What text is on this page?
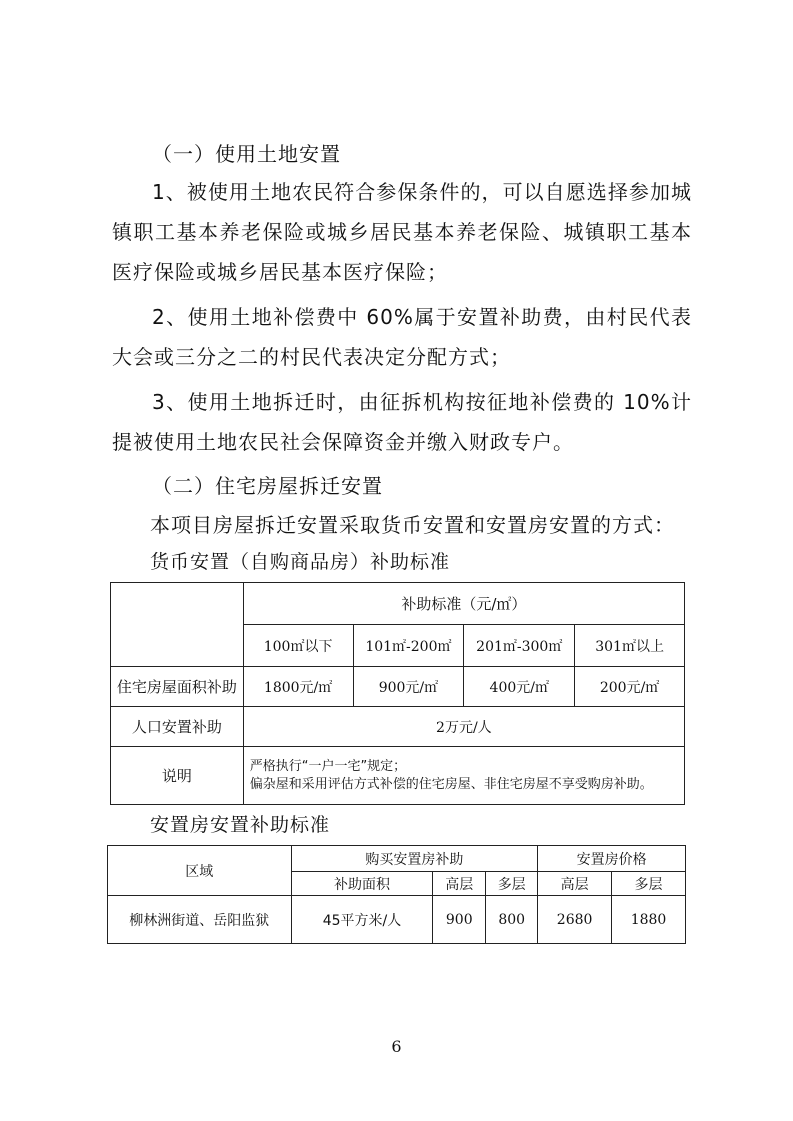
（一）使用土地安置

1、被使用土地农民符合参保条件的，可以自愿选择参加城镇职工基本养老保险或城乡居民基本养老保险、城镇职工基本医疗保险或城乡居民基本医疗保险；

2、使用土地补偿费中 60%属于安置补助费，由村民代表大会或三分之二的村民代表决定分配方式；

3、使用土地拆迁时，由征拆机构按征地补偿费的 10%计提被使用土地农民社会保障资金并缴入财政专户。

（二）住宅房屋拆迁安置

本项目房屋拆迁安置采取货币安置和安置房安置的方式：

货币安置（自购商品房）补助标准

	补助标准（元/㎡）			
	100㎡以下	101㎡-200㎡	201㎡-300㎡	301㎡以上
住宅房屋面积补助	1800元/㎡	900元/㎡	400元/㎡	200元/㎡
人口安置补助	2万元/人			
说明	严格执行“一户一宅”规定；
偏杂屋和采用评估方式补偿的住宅房屋、非住宅房屋不享受购房补助。			

安置房安置补助标准

区域	购买安置房补助			安置房价格	
	补助面积	高层	多层	高层	多层
柳林洲街道、岳阳监狱	45平方米/人	900	800	2680	1880
6
